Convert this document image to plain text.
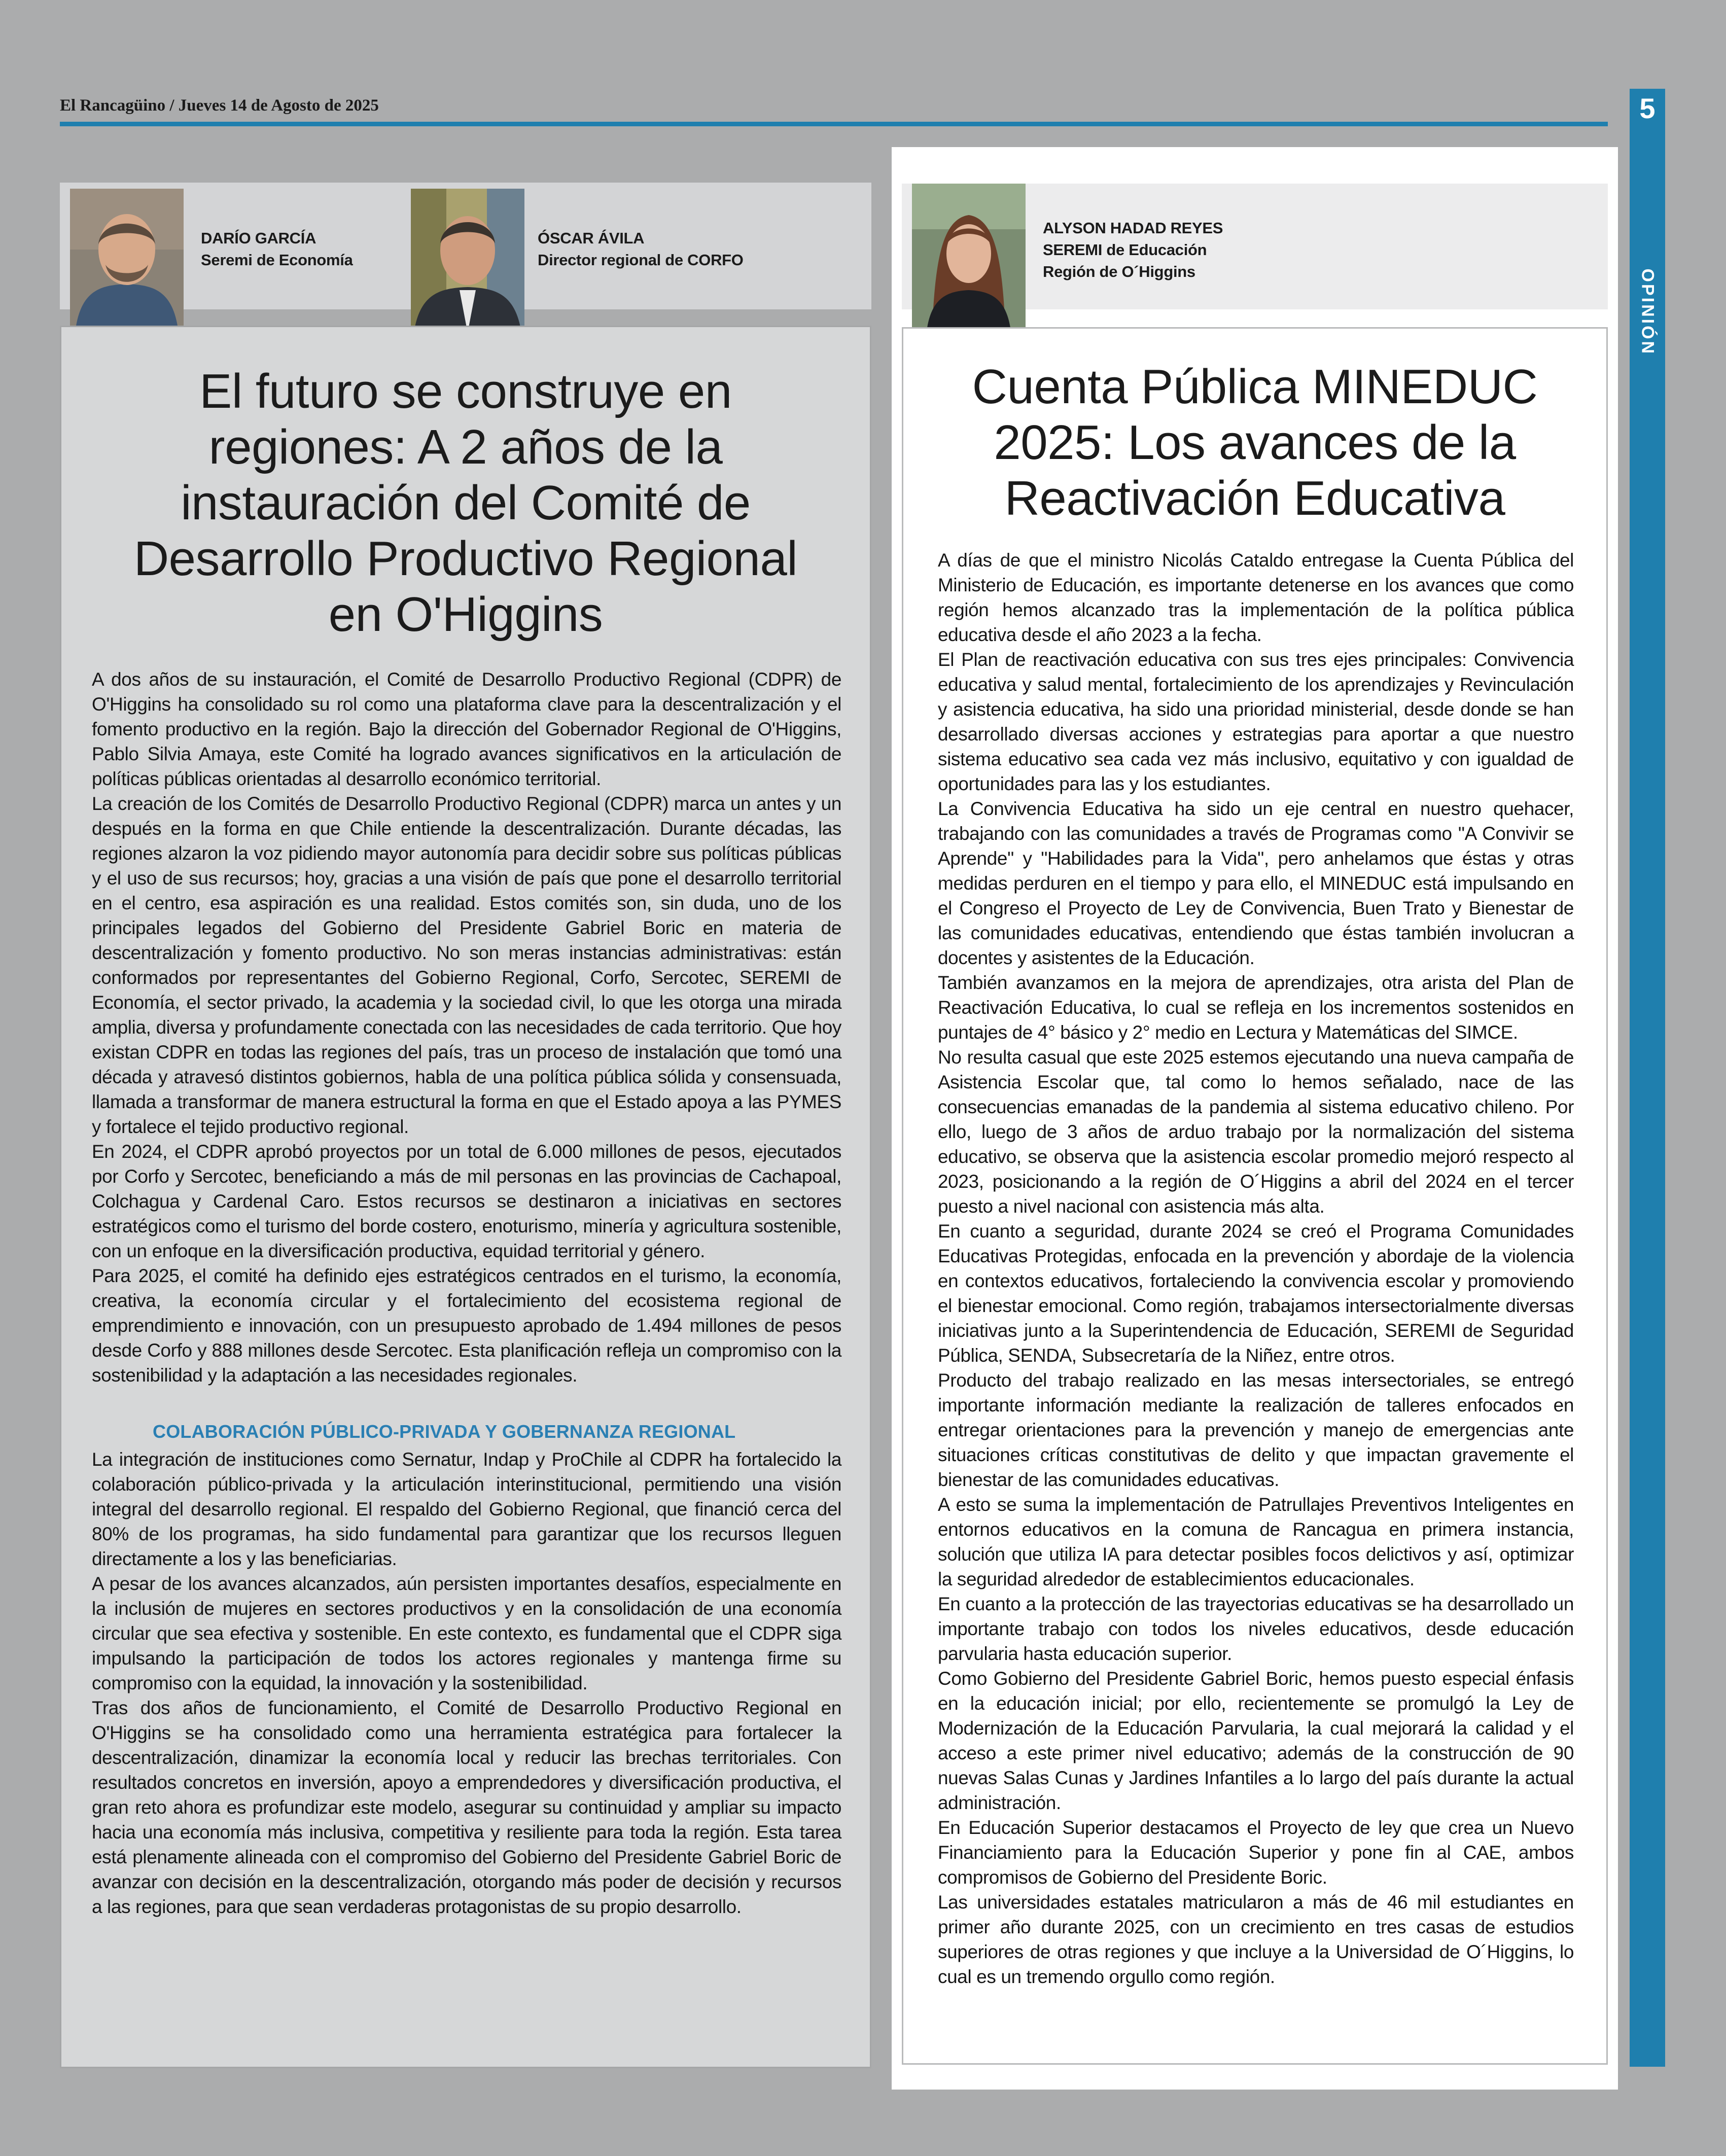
El Rancagüino / Jueves 14 de Agosto de 2025	5
OPINIÓN
DARÍO GARCÍA
Seremi de Economía
ÓSCAR ÁVILA
Director regional de CORFO
El futuro se construye en regiones: A 2 años de la instauración del Comité de Desarrollo Productivo Regional en O'Higgins

A dos años de su instauración, el Comité de Desarrollo Productivo Regional (CDPR) de O'Higgins ha consolidado su rol como una plataforma clave para la descentralización y el fomento productivo en la región. Bajo la dirección del Gobernador Regional de O'Higgins, Pablo Silvia Amaya, este Comité ha logrado avances significativos en la articulación de políticas públicas orientadas al desarrollo económico territorial.

La creación de los Comités de Desarrollo Productivo Regional (CDPR) marca un antes y un después en la forma en que Chile entiende la descentralización. Durante décadas, las regiones alzaron la voz pidiendo mayor autonomía para decidir sobre sus políticas públicas y el uso de sus recursos; hoy, gracias a una visión de país que pone el desarrollo territorial en el centro, esa aspiración es una realidad. Estos comités son, sin duda, uno de los principales legados del Gobierno del Presidente Gabriel Boric en materia de descentralización y fomento productivo. No son meras instancias administrativas: están conformados por representantes del Gobierno Regional, Corfo, Sercotec, SEREMI de Economía, el sector privado, la academia y la sociedad civil, lo que les otorga una mirada amplia, diversa y profundamente conectada con las necesidades de cada territorio. Que hoy existan CDPR en todas las regiones del país, tras un proceso de instalación que tomó una década y atravesó distintos gobiernos, habla de una política pública sólida y consensuada, llamada a transformar de manera estructural la forma en que el Estado apoya a las PYMES y fortalece el tejido productivo regional.

En 2024, el CDPR aprobó proyectos por un total de 6.000 millones de pesos, ejecutados por Corfo y Sercotec, beneficiando a más de mil personas en las provincias de Cachapoal, Colchagua y Cardenal Caro. Estos recursos se destinaron a iniciativas en sectores estratégicos como el turismo del borde costero, enoturismo, minería y agricultura sostenible, con un enfoque en la diversificación productiva, equidad territorial y género.

Para 2025, el comité ha definido ejes estratégicos centrados en el turismo, la economía, creativa, la economía circular y el fortalecimiento del ecosistema regional de emprendimiento e innovación, con un presupuesto aprobado de 1.494 millones de pesos desde Corfo y 888 millones desde Sercotec. Esta planificación refleja un compromiso con la sostenibilidad y la adaptación a las necesidades regionales.

COLABORACIÓN PÚBLICO-PRIVADA Y GOBERNANZA REGIONAL

La integración de instituciones como Sernatur, Indap y ProChile al CDPR ha fortalecido la colaboración público-privada y la articulación interinstitucional, permitiendo una visión integral del desarrollo regional. El respaldo del Gobierno Regional, que financió cerca del 80% de los programas, ha sido fundamental para garantizar que los recursos lleguen directamente a los y las beneficiarias.

A pesar de los avances alcanzados, aún persisten importantes desafíos, especialmente en la inclusión de mujeres en sectores productivos y en la consolidación de una economía circular que sea efectiva y sostenible. En este contexto, es fundamental que el CDPR siga impulsando la participación de todos los actores regionales y mantenga firme su compromiso con la equidad, la innovación y la sostenibilidad.

Tras dos años de funcionamiento, el Comité de Desarrollo Productivo Regional en O'Higgins se ha consolidado como una herramienta estratégica para fortalecer la descentralización, dinamizar la economía local y reducir las brechas territoriales. Con resultados concretos en inversión, apoyo a emprendedores y diversificación productiva, el gran reto ahora es profundizar este modelo, asegurar su continuidad y ampliar su impacto hacia una economía más inclusiva, competitiva y resiliente para toda la región. Esta tarea está plenamente alineada con el compromiso del Gobierno del Presidente Gabriel Boric de avanzar con decisión en la descentralización, otorgando más poder de decisión y recursos a las regiones, para que sean verdaderas protagonistas de su propio desarrollo.

ALYSON HADAD REYES
SEREMI de Educación
Región de O´Higgins
Cuenta Pública MINEDUC 2025: Los avances de la Reactivación Educativa

A días de que el ministro Nicolás Cataldo entregase la Cuenta Pública del Ministerio de Educación, es importante detenerse en los avances que como región hemos alcanzado tras la implementación de la política pública educativa desde el año 2023 a la fecha.

El Plan de reactivación educativa con sus tres ejes principales: Convivencia educativa y salud mental, fortalecimiento de los aprendizajes y Revinculación y asistencia educativa, ha sido una prioridad ministerial, desde donde se han desarrollado diversas acciones y estrategias para aportar a que nuestro sistema educativo sea cada vez más inclusivo, equitativo y con igualdad de oportunidades para las y los estudiantes.

La Convivencia Educativa ha sido un eje central en nuestro quehacer, trabajando con las comunidades a través de Programas como "A Convivir se Aprende" y "Habilidades para la Vida", pero anhelamos que éstas y otras medidas perduren en el tiempo y para ello, el MINEDUC está impulsando en el Congreso el Proyecto de Ley de Convivencia, Buen Trato y Bienestar de las comunidades educativas, entendiendo que éstas también involucran a docentes y asistentes de la Educación.

También avanzamos en la mejora de aprendizajes, otra arista del Plan de Reactivación Educativa, lo cual se refleja en los incrementos sostenidos en puntajes de 4° básico y 2° medio en Lectura y Matemáticas del SIMCE.

No resulta casual que este 2025 estemos ejecutando una nueva campaña de Asistencia Escolar que, tal como lo hemos señalado, nace de las consecuencias emanadas de la pandemia al sistema educativo chileno. Por ello, luego de 3 años de arduo trabajo por la normalización del sistema educativo, se observa que la asistencia escolar promedio mejoró respecto al 2023, posicionando a la región de O´Higgins a abril del 2024 en el tercer puesto a nivel nacional con asistencia más alta.

En cuanto a seguridad, durante 2024 se creó el Programa Comunidades Educativas Protegidas, enfocada en la prevención y abordaje de la violencia en contextos educativos, fortaleciendo la convivencia escolar y promoviendo el bienestar emocional. Como región, trabajamos intersectorialmente diversas iniciativas junto a la Superintendencia de Educación, SEREMI de Seguridad Pública, SENDA, Subsecretaría de la Niñez, entre otros.

Producto del trabajo realizado en las mesas intersectoriales, se entregó importante información mediante la realización de talleres enfocados en entregar orientaciones para la prevención y manejo de emergencias ante situaciones críticas constitutivas de delito y que impactan gravemente el bienestar de las comunidades educativas.

A esto se suma la implementación de Patrullajes Preventivos Inteligentes en entornos educativos en la comuna de Rancagua en primera instancia, solución que utiliza IA para detectar posibles focos delictivos y así, optimizar la seguridad alrededor de establecimientos educacionales.

En cuanto a la protección de las trayectorias educativas se ha desarrollado un importante trabajo con todos los niveles educativos, desde educación parvularia hasta educación superior.

Como Gobierno del Presidente Gabriel Boric, hemos puesto especial énfasis en la educación inicial; por ello, recientemente se promulgó la Ley de Modernización de la Educación Parvularia, la cual mejorará la calidad y el acceso a este primer nivel educativo; además de la construcción de 90 nuevas Salas Cunas y Jardines Infantiles a lo largo del país durante la actual administración.

En Educación Superior destacamos el Proyecto de ley que crea un Nuevo Financiamiento para la Educación Superior y pone fin al CAE, ambos compromisos de Gobierno del Presidente Boric.

Las universidades estatales matricularon a más de 46 mil estudiantes en primer año durante 2025, con un crecimiento en tres casas de estudios superiores de otras regiones y que incluye a la Universidad de O´Higgins, lo cual es un tremendo orgullo como región.
